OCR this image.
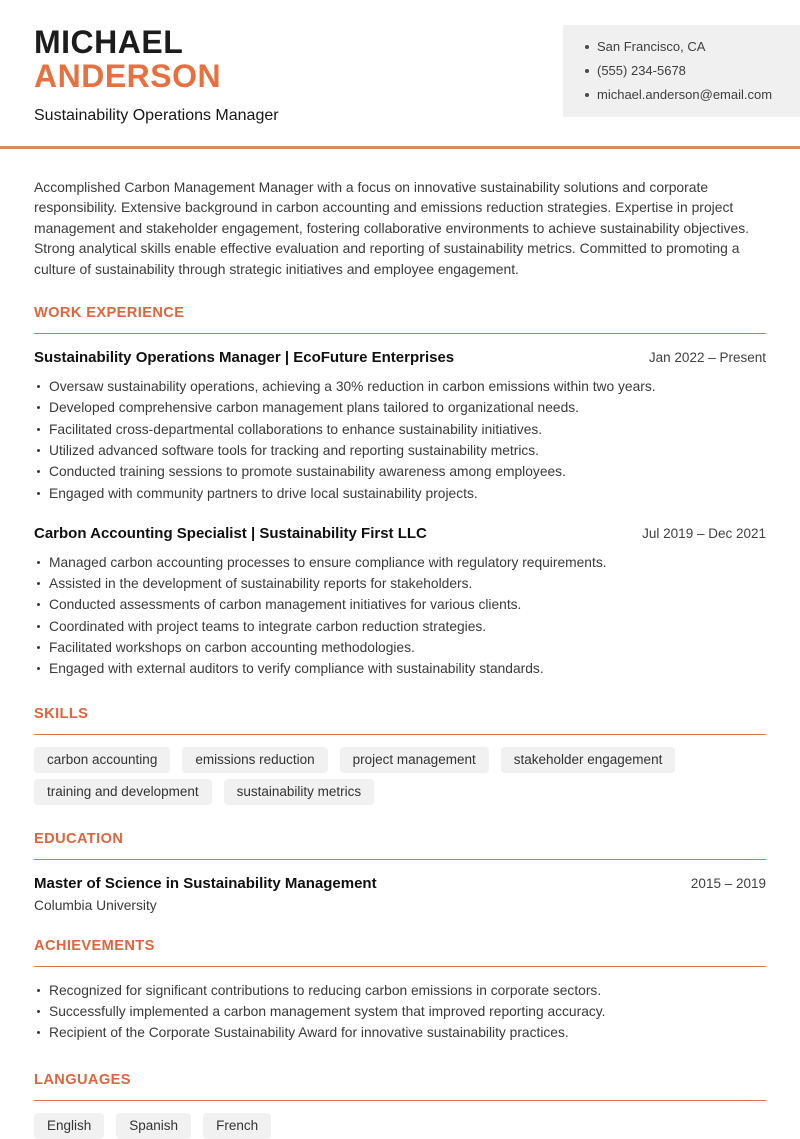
MICHAEL
ANDERSON
Sustainability Operations Manager
San Francisco, CA
(555) 234-5678
michael.anderson@email.com

Accomplished Carbon Management Manager with a focus on innovative sustainability solutions and corporate responsibility. Extensive background in carbon accounting and emissions reduction strategies. Expertise in project management and stakeholder engagement, fostering collaborative environments to achieve sustainability objectives. Strong analytical skills enable effective evaluation and reporting of sustainability metrics. Committed to promoting a culture of sustainability through strategic initiatives and employee engagement.

WORK EXPERIENCE
Sustainability Operations Manager | EcoFuture Enterprises	Jan 2022 – Present
Oversaw sustainability operations, achieving a 30% reduction in carbon emissions within two years.
Developed comprehensive carbon management plans tailored to organizational needs.
Facilitated cross-departmental collaborations to enhance sustainability initiatives.
Utilized advanced software tools for tracking and reporting sustainability metrics.
Conducted training sessions to promote sustainability awareness among employees.
Engaged with community partners to drive local sustainability projects.
Carbon Accounting Specialist | Sustainability First LLC	Jul 2019 – Dec 2021
Managed carbon accounting processes to ensure compliance with regulatory requirements.
Assisted in the development of sustainability reports for stakeholders.
Conducted assessments of carbon management initiatives for various clients.
Coordinated with project teams to integrate carbon reduction strategies.
Facilitated workshops on carbon accounting methodologies.
Engaged with external auditors to verify compliance with sustainability standards.
SKILLS
carbon accounting	emissions reduction	project management	stakeholder engagement
training and development	sustainability metrics
EDUCATION
Master of Science in Sustainability Management	2015 – 2019
Columbia University
ACHIEVEMENTS
Recognized for significant contributions to reducing carbon emissions in corporate sectors.
Successfully implemented a carbon management system that improved reporting accuracy.
Recipient of the Corporate Sustainability Award for innovative sustainability practices.
LANGUAGES
English	Spanish	French
